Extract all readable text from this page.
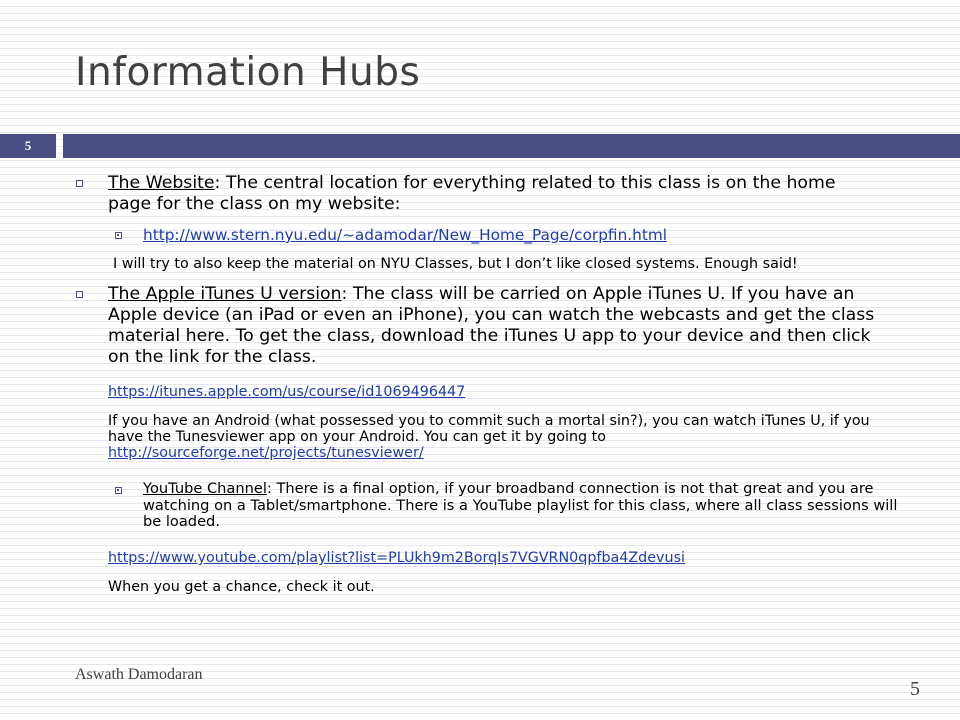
Information Hubs
5
The Website: The central location for everything related to this class is on the home page for the class on my website:
http://www.stern.nyu.edu/~adamodar/New_Home_Page/corpfin.html
I will try to also keep the material on NYU Classes, but I don’t like closed systems. Enough said!
The Apple iTunes U version: The class will be carried on Apple iTunes U. If you have an Apple device (an iPad or even an iPhone), you can watch the webcasts and get the class material here. To get the class, download the iTunes U app to your device and then click on the link for the class.
https://itunes.apple.com/us/course/id1069496447
If you have an Android (what possessed you to commit such a mortal sin?), you can watch iTunes U, if you have the Tunesviewer app on your Android. You can get it by going to http://sourceforge.net/projects/tunesviewer/
YouTube Channel: There is a final option, if your broadband connection is not that great and you are watching on a Tablet/smartphone. There is a YouTube playlist for this class, where all class sessions will be loaded.
https://www.youtube.com/playlist?list=PLUkh9m2BorqIs7VGVRN0qpfba4Zdevusi
When you get a chance, check it out.
Aswath Damodaran
5
